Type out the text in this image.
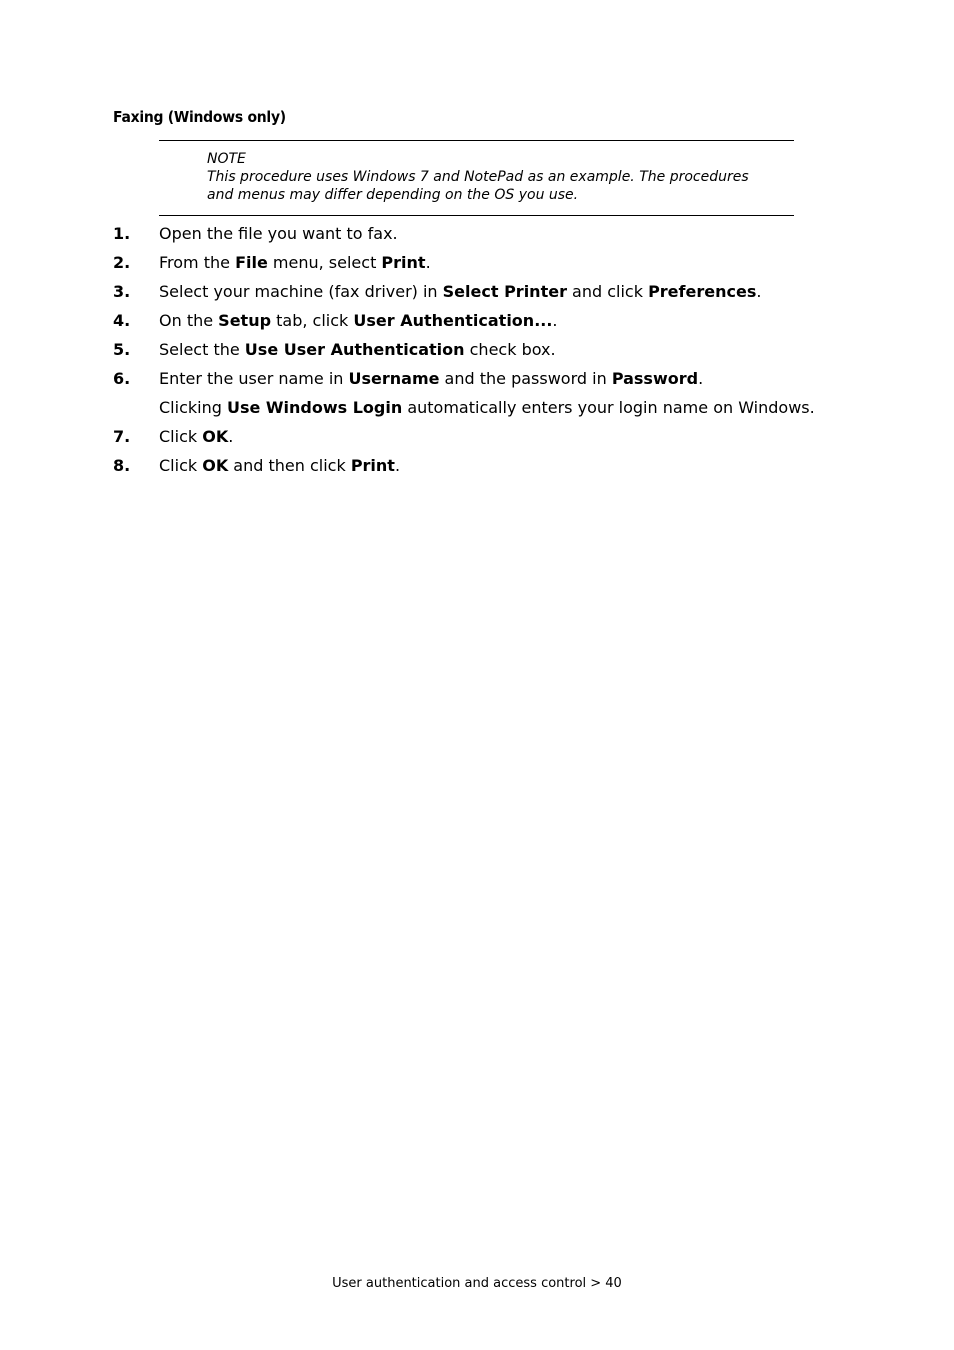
Faxing (Windows only)
NOTE
This procedure uses Windows 7 and NotePad as an example. The procedures
and menus may differ depending on the OS you use.
1. Open the file you want to fax.
2. From the File menu, select Print.
3. Select your machine (fax driver) in Select Printer and click Preferences.
4. On the Setup tab, click User Authentication....
5. Select the Use User Authentication check box.
6. Enter the user name in Username and the password in Password.
Clicking Use Windows Login automatically enters your login name on Windows.
7. Click OK.
8. Click OK and then click Print.
User authentication and access control > 40
